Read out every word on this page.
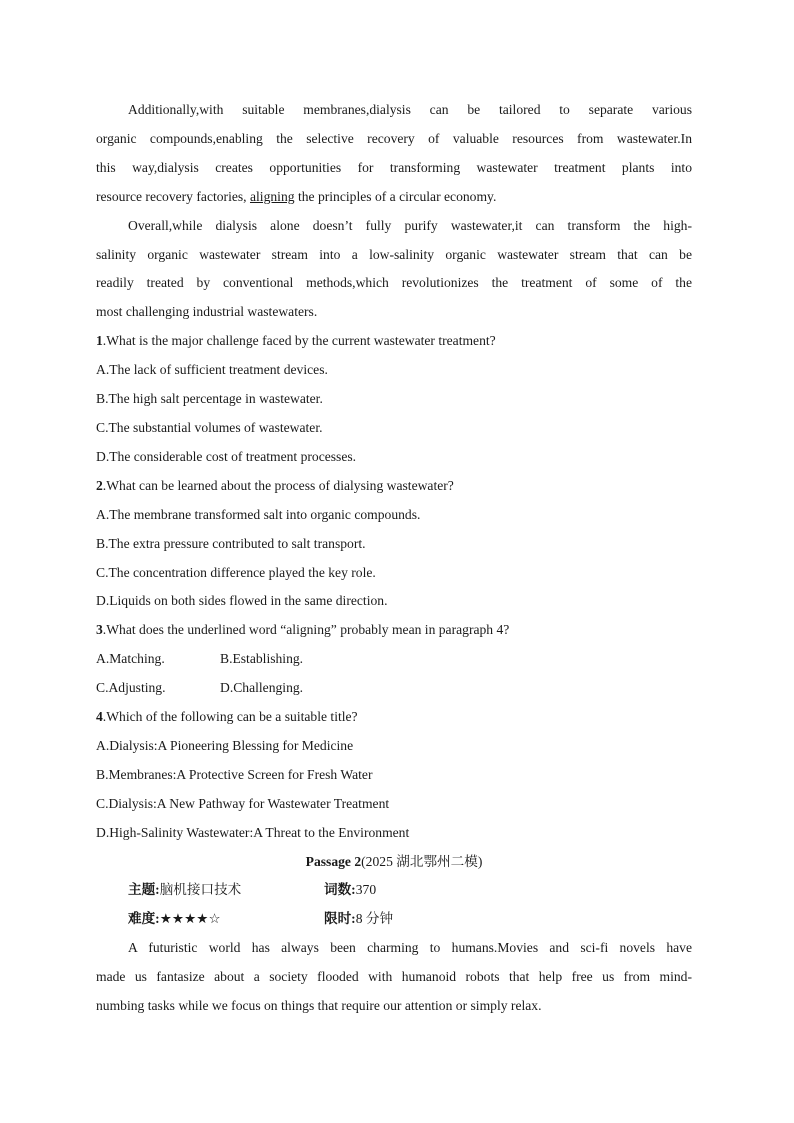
Additionally,with suitable membranes,dialysis can be tailored to separate various
organic compounds,enabling the selective recovery of valuable resources from wastewater.In
this way,dialysis creates opportunities for transforming wastewater treatment plants into
resource recovery factories, aligning the principles of a circular economy.
Overall,while dialysis alone doesn’t fully purify wastewater,it can transform the high-
salinity organic wastewater stream into a low-salinity organic wastewater stream that can be
readily treated by conventional methods,which revolutionizes the treatment of some of the
most challenging industrial wastewaters.
1.What is the major challenge faced by the current wastewater treatment?
A.The lack of sufficient treatment devices.
B.The high salt percentage in wastewater.
C.The substantial volumes of wastewater.
D.The considerable cost of treatment processes.
2.What can be learned about the process of dialysing wastewater?
A.The membrane transformed salt into organic compounds.
B.The extra pressure contributed to salt transport.
C.The concentration difference played the key role.
D.Liquids on both sides flowed in the same direction.
3.What does the underlined word “aligning” probably mean in paragraph 4?
A.Matching.	B.Establishing.
C.Adjusting.	D.Challenging.
4.Which of the following can be a suitable title?
A.Dialysis:A Pioneering Blessing for Medicine
B.Membranes:A Protective Screen for Fresh Water
C.Dialysis:A New Pathway for Wastewater Treatment
D.High-Salinity Wastewater:A Threat to the Environment
Passage 2(2025 湖北鄂州二模)
主题:脑机接口技术	词数:370
难度:★★★★☆	限时:8 分钟
A futuristic world has always been charming to humans.Movies and sci-fi novels have
made us fantasize about a society flooded with humanoid robots that help free us from mind-
numbing tasks while we focus on things that require our attention or simply relax.
